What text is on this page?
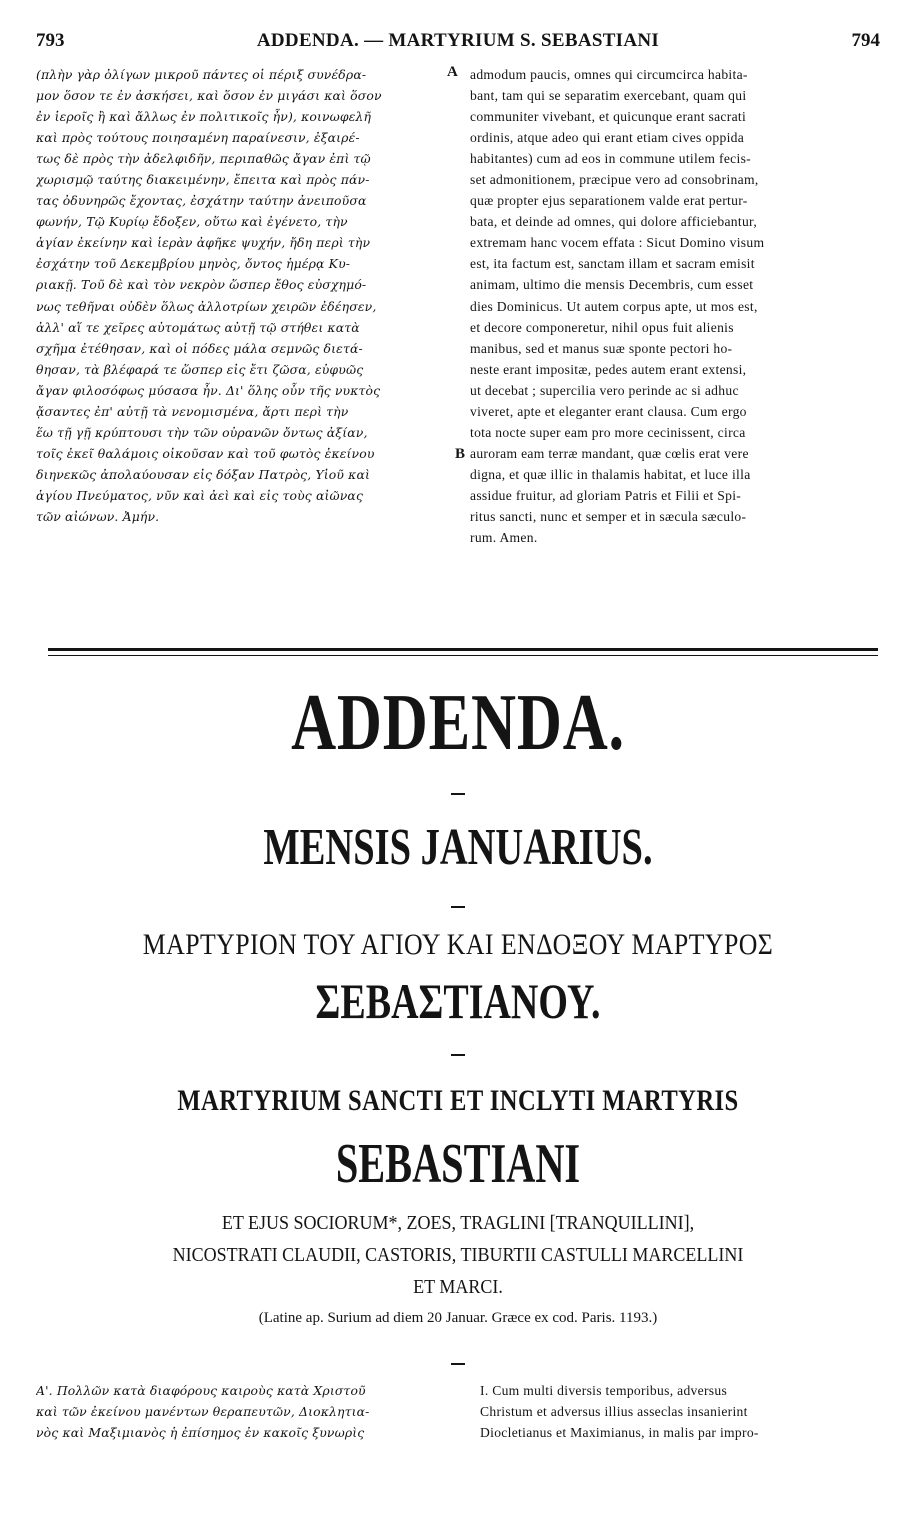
793	ADDENDA. — MARTYRIUM S. SEBASTIANI	794
(πλὴν γὰρ ὀλίγων μικροῦ πάντες οἱ πέριξ συνέδρα-
μον ὅσον τε ἐν ἀσκήσει, καὶ ὅσον ἐν μιγάσι καὶ ὅσον
ἐν ἱεροῖς ἢ καὶ ἄλλως ἐν πολιτικοῖς ἦν), κοινωφελῆ
καὶ πρὸς τούτους ποιησαμένη παραίνεσιν, ἐξαιρέ-
τως δὲ πρὸς τὴν ἀδελφιδῆν, περιπαθῶς ἄγαν ἐπὶ τῷ
χωρισμῷ ταύτης διακειμένην, ἔπειτα καὶ πρὸς πάν-
τας ὀδυνηρῶς ἔχοντας, ἐσχάτην ταύτην ἀνειποῦσα
φωνήν, Τῷ Κυρίῳ ἔδοξεν, οὕτω καὶ ἐγένετο, τὴν
ἁγίαν ἐκείνην καὶ ἱερὰν ἀφῆκε ψυχήν, ἤδη περὶ τὴν
ἐσχάτην τοῦ Δεκεμβρίου μηνὸς, ὄντος ἡμέρᾳ Κυ-
ριακῇ. Τοῦ δὲ καὶ τὸν νεκρὸν ὥσπερ ἔθος εὐσχημό-
νως τεθῆναι οὐδὲν ὅλως ἀλλοτρίων χειρῶν ἐδέησεν,
ἀλλ' αἵ τε χεῖρες αὐτομάτως αὐτῇ τῷ στήθει κατὰ
σχῆμα ἐτέθησαν, καὶ οἱ πόδες μάλα σεμνῶς διετά-
θησαν, τὰ βλέφαρά τε ὥσπερ εἰς ἔτι ζῶσα, εὐφυῶς
ἄγαν φιλοσόφως μύσασα ἦν. Δι' ὅλης οὖν τῆς νυκτὸς
ᾄσαντες ἐπ' αὐτῇ τὰ νενομισμένα, ἄρτι περὶ τὴν
ἕω τῇ γῇ κρύπτουσι τὴν τῶν οὐρανῶν ὄντως ἀξίαν,
τοῖς ἐκεῖ θαλάμοις οἰκοῦσαν καὶ τοῦ φωτὸς ἐκείνου
διηνεκῶς ἀπολαύουσαν εἰς δόξαν Πατρὸς, Υἱοῦ καὶ
ἁγίου Πνεύματος, νῦν καὶ ἀεὶ καὶ εἰς τοὺς αἰῶνας
τῶν αἰώνων. Ἀμήν.
admodum paucis, omnes qui circumcirca habita-
bant, tam qui se separatim exercebant, quam qui
communiter vivebant, et quicunque erant sacrati
ordinis, atque adeo qui erant etiam cives oppida
habitantes) cum ad eos in commune utilem fecis-
set admonitionem, præcipue vero ad consobrinam,
quæ propter ejus separationem valde erat pertur-
bata, et deinde ad omnes, qui dolore afficiebantur,
extremam hanc vocem effata : Sicut Domino visum
est, ita factum est, sanctam illam et sacram emisit
animam, ultimo die mensis Decembris, cum esset
dies Dominicus. Ut autem corpus apte, ut mos est,
et decore componeretur, nihil opus fuit alienis
manibus, sed et manus suæ sponte pectori ho-
neste erant impositæ, pedes autem erant extensi,
ut decebat ; supercilia vero perinde ac si adhuc
viveret, apte et eleganter erant clausa. Cum ergo
tota nocte super eam pro more cecinissent, circa
auroram eam terræ mandant, quæ cœlis erat vere
digna, et quæ illic in thalamis habitat, et luce illa
assidue fruitur, ad gloriam Patris et Filii et Spi-
ritus sancti, nunc et semper et in sæcula sæculo-
rum. Amen.
A
B
ADDENDA.
MENSIS JANUARIUS.
ΜΑΡΤΥΡΙΟΝ ΤΟΥ ΑΓΙΟΥ ΚΑΙ ΕΝΔΟΞΟΥ ΜΑΡΤΥΡΟΣ
ΣΕΒΑΣΤΙΑΝΟΥ.
MARTYRIUM SANCTI ET INCLYTI MARTYRIS
SEBASTIANI
ET EJUS SOCIORUM*, ZOES, TRAGLINI [TRANQUILLINI],
NICOSTRATI CLAUDII, CASTORIS, TIBURTII CASTULLI MARCELLINI
ET MARCI.
(Latine ap. Surium ad diem 20 Januar. Græce ex cod. Paris. 1193.)
Α'. Πολλῶν κατὰ διαφόρους καιροὺς κατὰ Χριστοῦ
καὶ τῶν ἐκείνου μανέντων θεραπευτῶν, Διοκλητια-
νὸς καὶ Μαξιμιανὸς ἡ ἐπίσημος ἐν κακοῖς ξυνωρὶς
I. Cum multi diversis temporibus, adversus
Christum et adversus illius asseclas insanierint
Diocletianus et Maximianus, in malis par impro-
